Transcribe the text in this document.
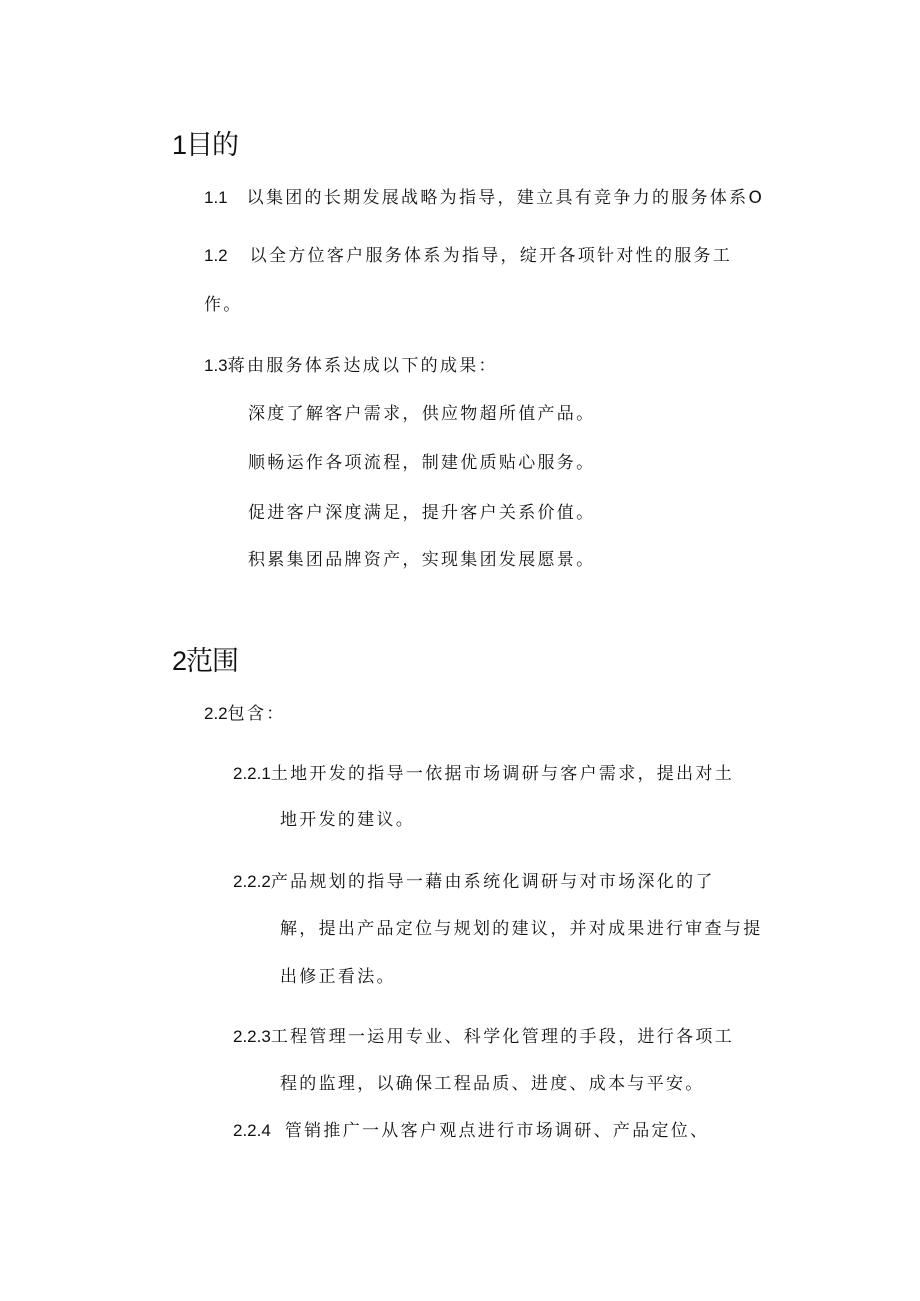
1目的
1.1 以集团的长期发展战略为指导，建立具有竞争力的服务体系O
1.2 以全方位客户服务体系为指导，绽开各项针对性的服务工
作。
1.3蒋由服务体系达成以下的成果：
深度了解客户需求，供应物超所值产品。
顺畅运作各项流程，制建优质贴心服务。
促进客户深度满足，提升客户关系价值。
积累集团品牌资产，实现集团发展愿景。
2范围
2.2包含：
2.2.1土地开发的指导一依据市场调研与客户需求，提出对土
地开发的建议。
2.2.2产品规划的指导一藉由系统化调研与对市场深化的了
解，提出产品定位与规划的建议，并对成果进行审查与提
出修正看法。
2.2.3工程管理一运用专业、科学化管理的手段，进行各项工
程的监理，以确保工程品质、进度、成本与平安。
2.2.4 管销推广一从客户观点进行市场调研、产品定位、
